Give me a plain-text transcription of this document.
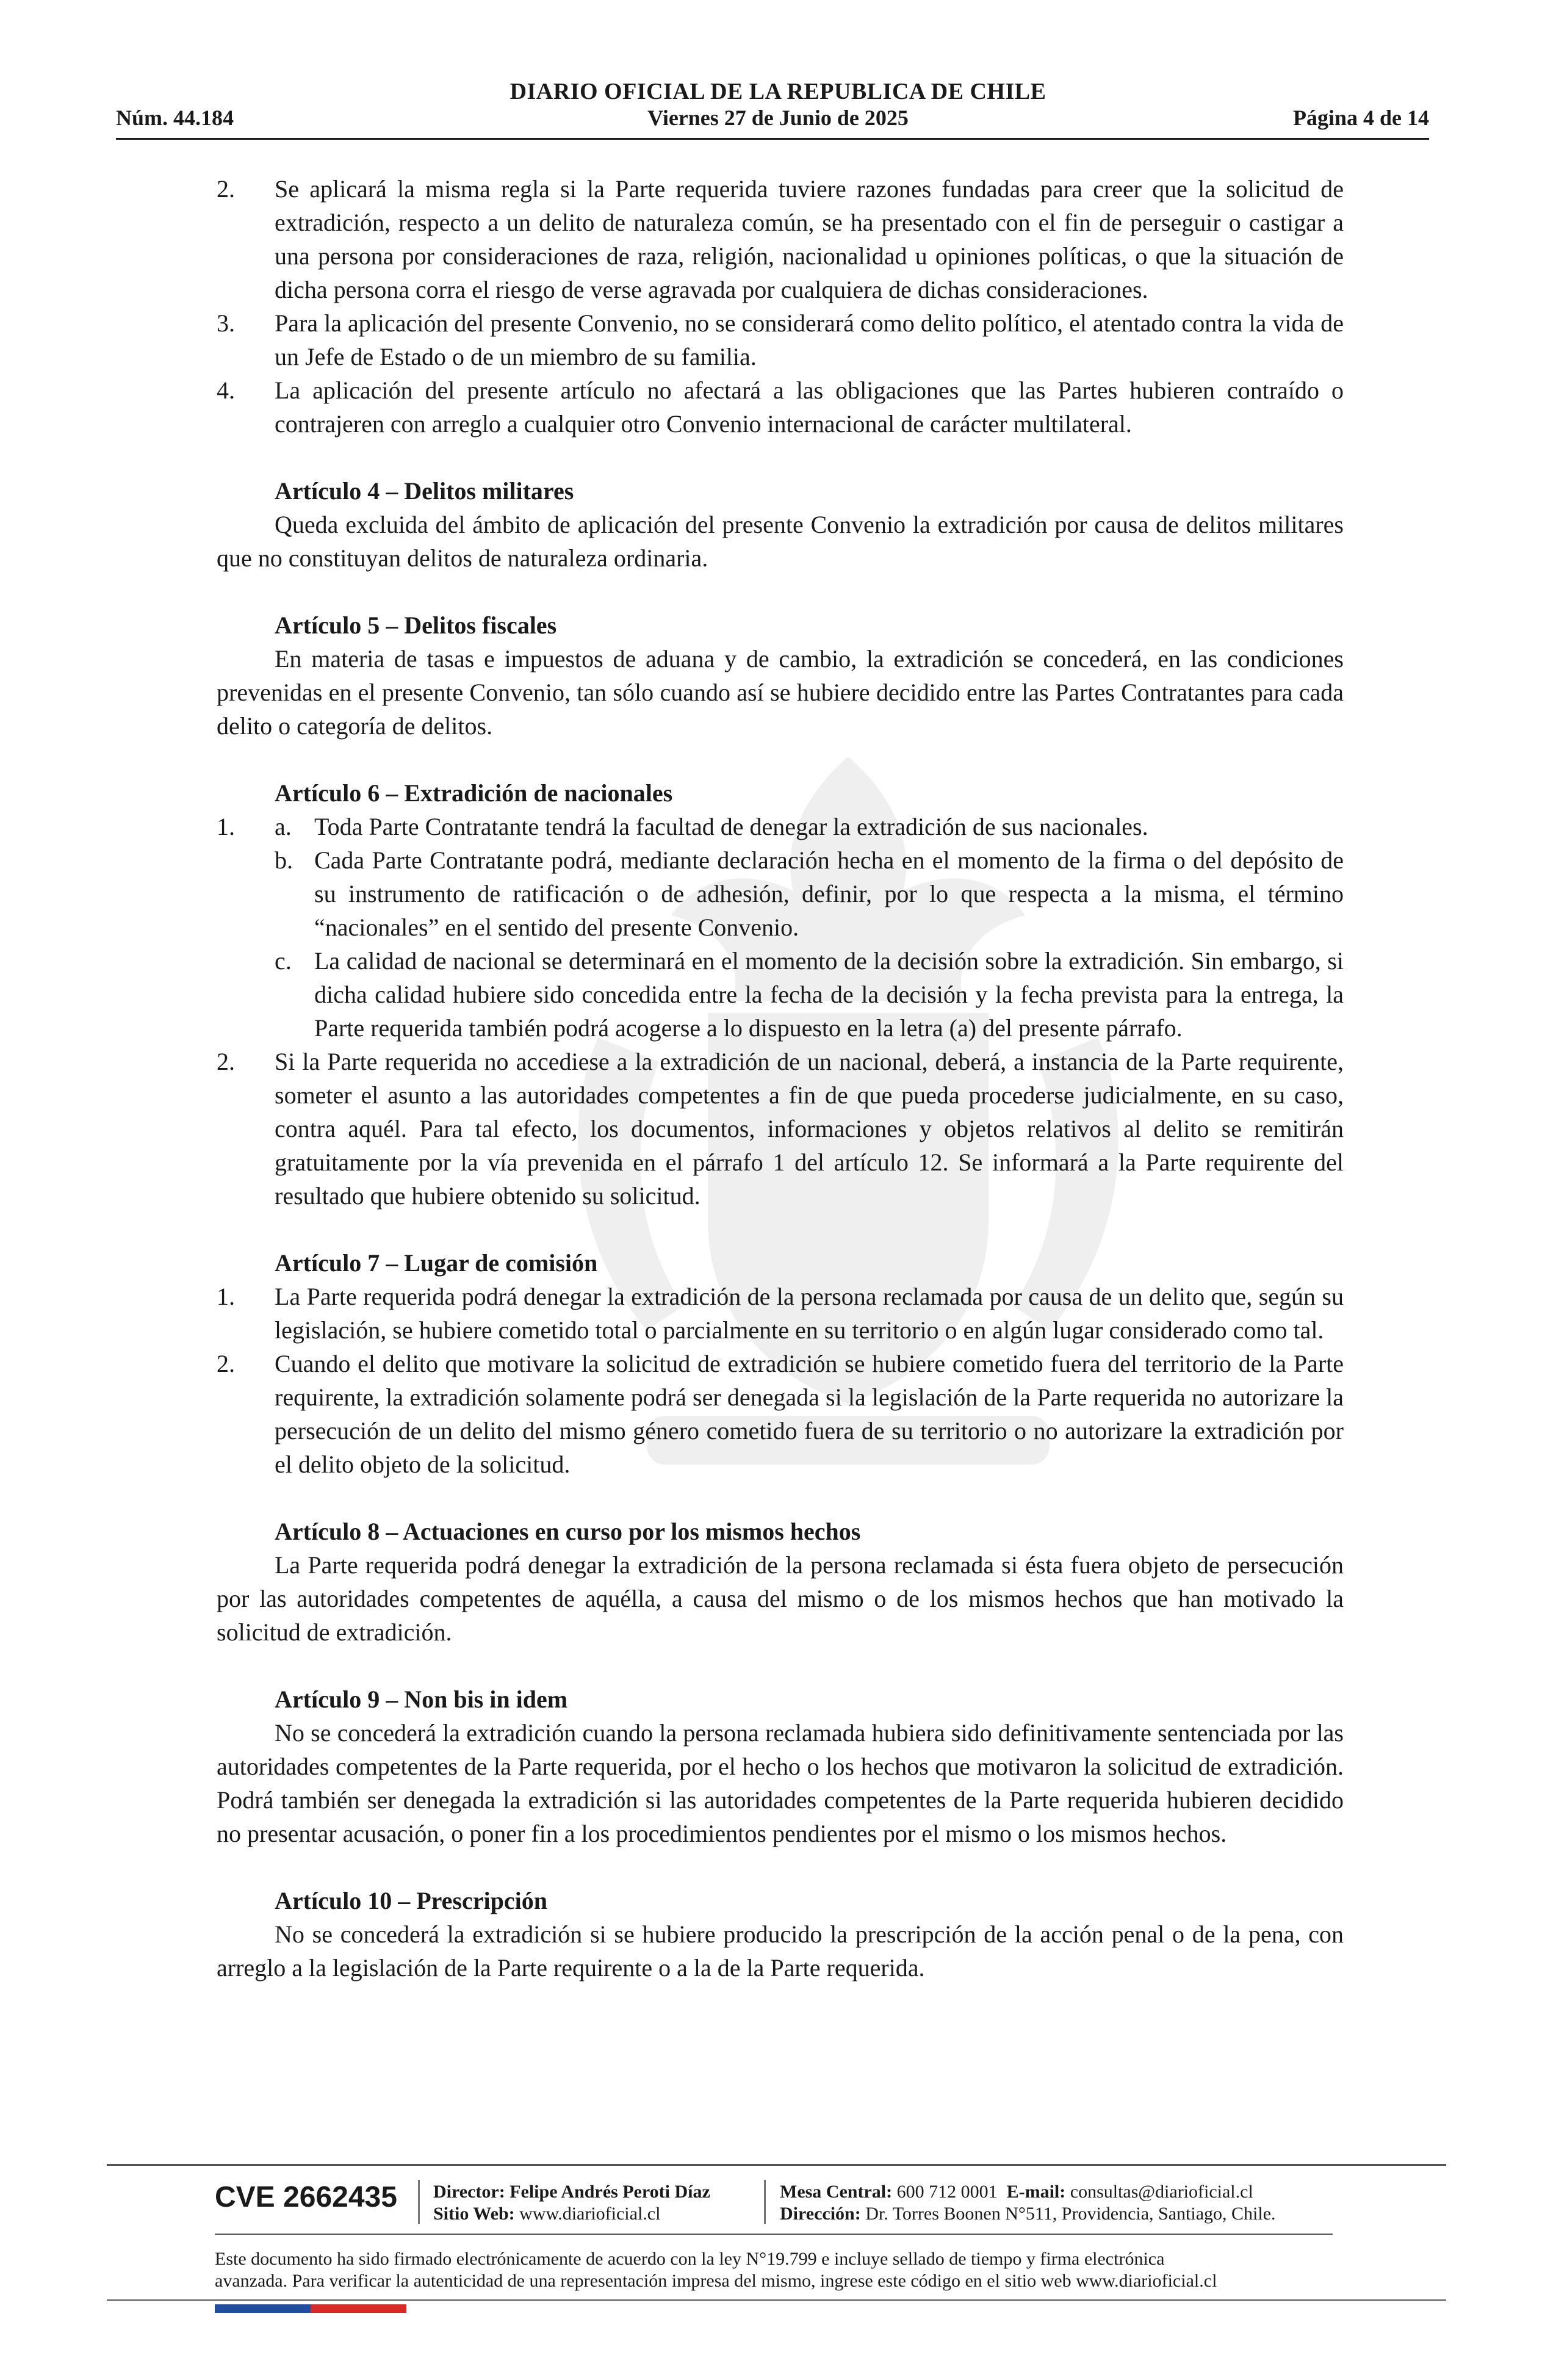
DIARIO OFICIAL DE LA REPUBLICA DE CHILE
Núm. 44.184	Viernes 27 de Junio de 2025	Página 4 de 14

2. Se aplicará la misma regla si la Parte requerida tuviere razones fundadas para creer que la solicitud de extradición, respecto a un delito de naturaleza común, se ha presentado con el fin de perseguir o castigar a una persona por consideraciones de raza, religión, nacionalidad u opiniones políticas, o que la situación de dicha persona corra el riesgo de verse agravada por cualquiera de dichas consideraciones.

3. Para la aplicación del presente Convenio, no se considerará como delito político, el atentado contra la vida de un Jefe de Estado o de un miembro de su familia.

4. La aplicación del presente artículo no afectará a las obligaciones que las Partes hubieren contraído o contrajeren con arreglo a cualquier otro Convenio internacional de carácter multilateral.

Artículo 4 – Delitos militares

Queda excluida del ámbito de aplicación del presente Convenio la extradición por causa de delitos militares que no constituyan delitos de naturaleza ordinaria.

Artículo 5 – Delitos fiscales

En materia de tasas e impuestos de aduana y de cambio, la extradición se concederá, en las condiciones prevenidas en el presente Convenio, tan sólo cuando así se hubiere decidido entre las Partes Contratantes para cada delito o categoría de delitos.

Artículo 6 – Extradición de nacionales

1. a. Toda Parte Contratante tendrá la facultad de denegar la extradición de sus nacionales.

b. Cada Parte Contratante podrá, mediante declaración hecha en el momento de la firma o del depósito de su instrumento de ratificación o de adhesión, definir, por lo que respecta a la misma, el término “nacionales” en el sentido del presente Convenio.

c. La calidad de nacional se determinará en el momento de la decisión sobre la extradición. Sin embargo, si dicha calidad hubiere sido concedida entre la fecha de la decisión y la fecha prevista para la entrega, la Parte requerida también podrá acogerse a lo dispuesto en la letra (a) del presente párrafo.

2. Si la Parte requerida no accediese a la extradición de un nacional, deberá, a instancia de la Parte requirente, someter el asunto a las autoridades competentes a fin de que pueda procederse judicialmente, en su caso, contra aquél. Para tal efecto, los documentos, informaciones y objetos relativos al delito se remitirán gratuitamente por la vía prevenida en el párrafo 1 del artículo 12. Se informará a la Parte requirente del resultado que hubiere obtenido su solicitud.

Artículo 7 – Lugar de comisión

1. La Parte requerida podrá denegar la extradición de la persona reclamada por causa de un delito que, según su legislación, se hubiere cometido total o parcialmente en su territorio o en algún lugar considerado como tal.

2. Cuando el delito que motivare la solicitud de extradición se hubiere cometido fuera del territorio de la Parte requirente, la extradición solamente podrá ser denegada si la legislación de la Parte requerida no autorizare la persecución de un delito del mismo género cometido fuera de su territorio o no autorizare la extradición por el delito objeto de la solicitud.

Artículo 8 – Actuaciones en curso por los mismos hechos

La Parte requerida podrá denegar la extradición de la persona reclamada si ésta fuera objeto de persecución por las autoridades competentes de aquélla, a causa del mismo o de los mismos hechos que han motivado la solicitud de extradición.

Artículo 9 – Non bis in idem

No se concederá la extradición cuando la persona reclamada hubiera sido definitivamente sentenciada por las autoridades competentes de la Parte requerida, por el hecho o los hechos que motivaron la solicitud de extradición. Podrá también ser denegada la extradición si las autoridades competentes de la Parte requerida hubieren decidido no presentar acusación, o poner fin a los procedimientos pendientes por el mismo o los mismos hechos.

Artículo 10 – Prescripción

No se concederá la extradición si se hubiere producido la prescripción de la acción penal o de la pena, con arreglo a la legislación de la Parte requirente o a la de la Parte requerida.

CVE 2662435 Director: Felipe Andrés Peroti Díaz
Sitio Web: www.diarioficial.cl
Mesa Central: 600 712 0001 E-mail: consultas@diarioficial.cl
Dirección: Dr. Torres Boonen N°511, Providencia, Santiago, Chile.
Este documento ha sido firmado electrónicamente de acuerdo con la ley N°19.799 e incluye sellado de tiempo y firma electrónica
avanzada. Para verificar la autenticidad de una representación impresa del mismo, ingrese este código en el sitio web www.diarioficial.cl
